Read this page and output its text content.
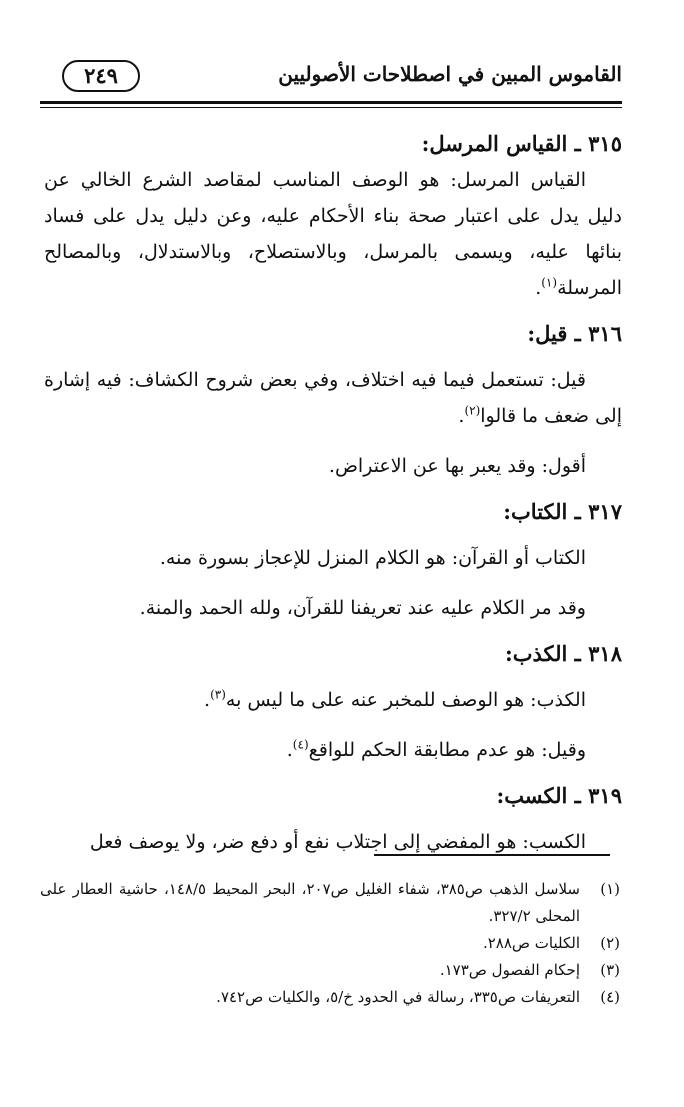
٢٤٩	القاموس المبين في اصطلاحات الأصوليين
٣١٥ ـ القياس المرسل:

القياس المرسل: هو الوصف المناسب لمقاصد الشرع الخالي عن دليل يدل على اعتبار صحة بناء الأحكام عليه، وعن دليل يدل على فساد بنائها عليه، ويسمى بالمرسل، وبالاستصلاح، وبالاستدلال، وبالمصالح المرسلة$^{(١)}$.

٣١٦ ـ قيل:

قيل: تستعمل فيما فيه اختلاف، وفي بعض شروح الكشاف: فيه إشارة إلى ضعف ما قالوا$^{(٢)}$.

أقول: وقد يعبر بها عن الاعتراض.

٣١٧ ـ الكتاب:

الكتاب أو القرآن: هو الكلام المنزل للإعجاز بسورة منه.

وقد مر الكلام عليه عند تعريفنا للقرآن، ولله الحمد والمنة.

٣١٨ ـ الكذب:

الكذب: هو الوصف للمخبر عنه على ما ليس به$^{(٣)}$.

وقيل: هو عدم مطابقة الحكم للواقع$^{(٤)}$.

٣١٩ ـ الكسب:

الكسب: هو المفضي إلى اجتلاب نفع أو دفع ضر، ولا يوصف فعل

(١)
سلاسل الذهب ص٣٨٥، شفاء الغليل ص٢٠٧، البحر المحيط ١٤٨/٥، حاشية العطار على المحلى ٣٢٧/٢.
(٢)
الكليات ص٢٨٨.
(٣)
إحكام الفصول ص١٧٣.
(٤)
التعريفات ص٣٣٥، رسالة في الحدود خ/٥، والكليات ص٧٤٢.
